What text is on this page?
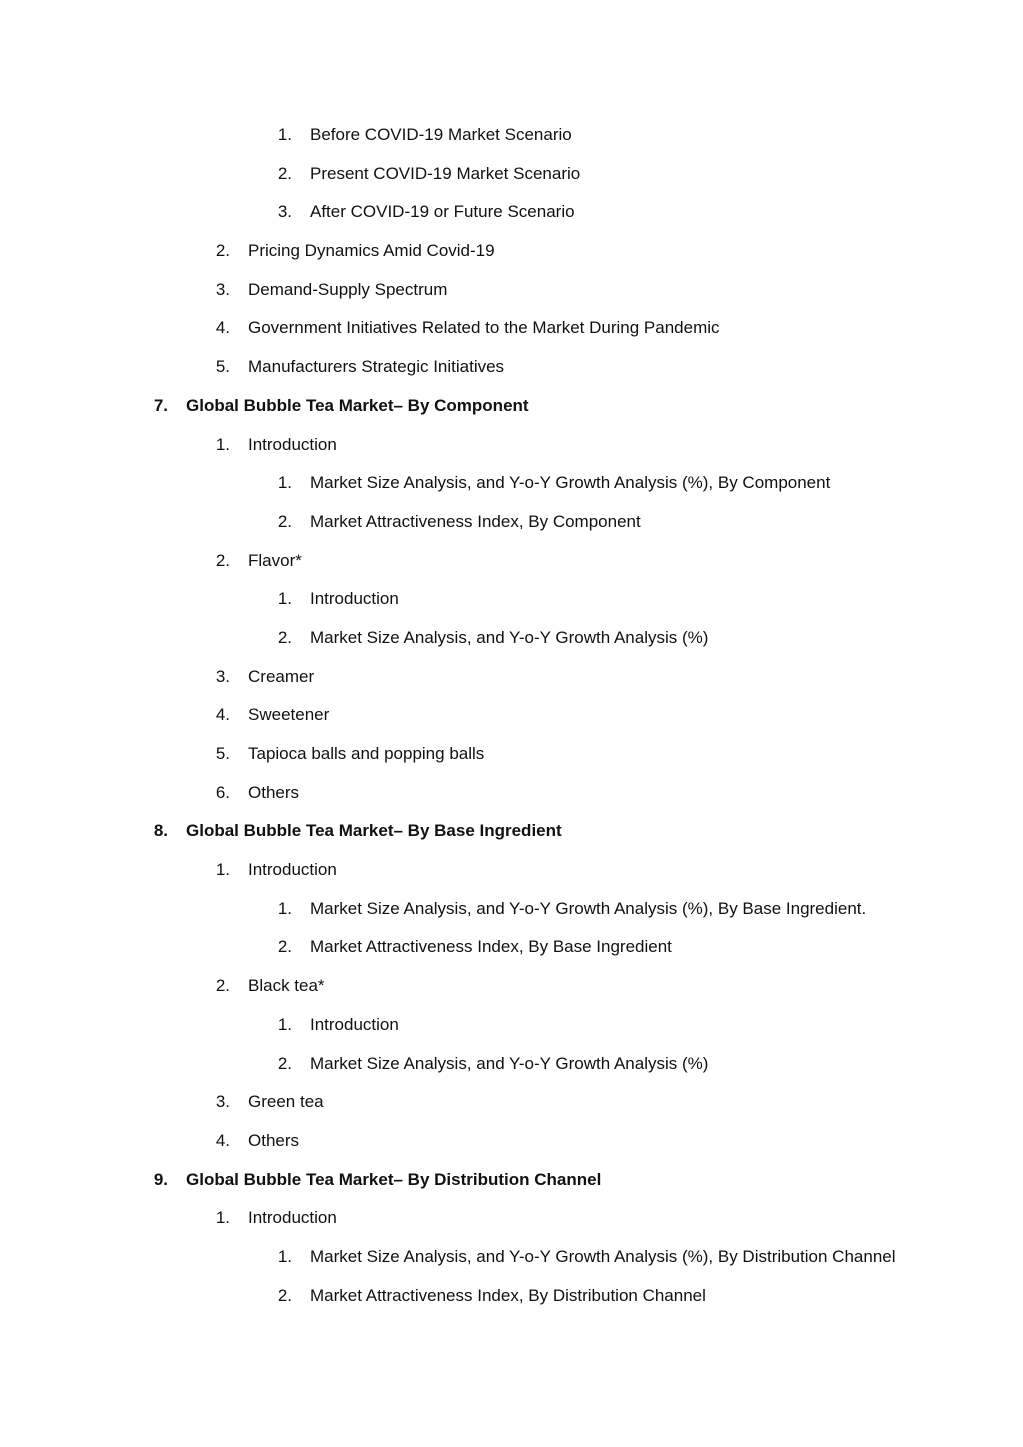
1. Before COVID-19 Market Scenario
2. Present COVID-19 Market Scenario
3. After COVID-19 or Future Scenario
2. Pricing Dynamics Amid Covid-19
3. Demand-Supply Spectrum
4. Government Initiatives Related to the Market During Pandemic
5. Manufacturers Strategic Initiatives
7. Global Bubble Tea Market– By Component
1. Introduction
1. Market Size Analysis, and Y-o-Y Growth Analysis (%), By Component
2. Market Attractiveness Index, By Component
2. Flavor*
1. Introduction
2. Market Size Analysis, and Y-o-Y Growth Analysis (%)
3. Creamer
4. Sweetener
5. Tapioca balls and popping balls
6. Others
8. Global Bubble Tea Market– By Base Ingredient
1. Introduction
1. Market Size Analysis, and Y-o-Y Growth Analysis (%), By Base Ingredient.
2. Market Attractiveness Index, By Base Ingredient
2. Black tea*
1. Introduction
2. Market Size Analysis, and Y-o-Y Growth Analysis (%)
3. Green tea
4. Others
9. Global Bubble Tea Market– By Distribution Channel
1. Introduction
1. Market Size Analysis, and Y-o-Y Growth Analysis (%), By Distribution Channel
2. Market Attractiveness Index, By Distribution Channel
